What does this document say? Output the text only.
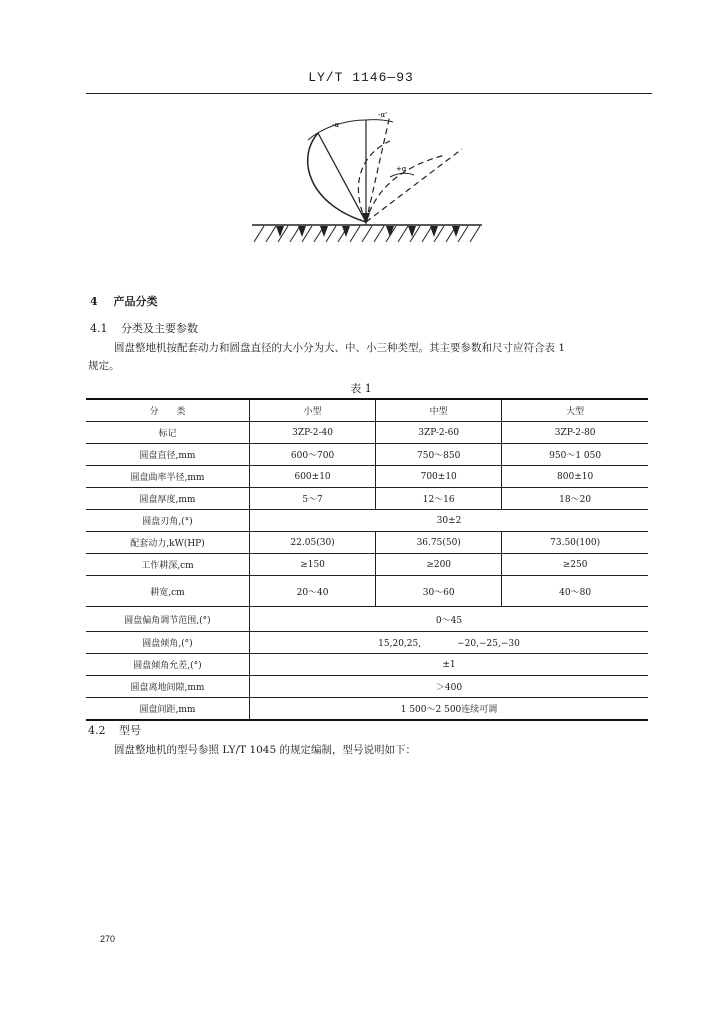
LY/T 1146—93
-α
-α'
+α
4 产品分类
4.1 分类及主要参数
圆盘整地机按配套动力和圆盘直径的大小分为大、中、小三种类型。其主要参数和尺寸应符合表 1
规定。
表 1
分　　类	小型	中型	大型
标记	3ZP-2-40	3ZP-2-60	3ZP-2-80
圆盘直径,mm	600～700	750～850	950～1 050
圆盘曲率半径,mm	600±10	700±10	800±10
圆盘厚度,mm	5～7	12～16	18～20
圆盘刃角,(°)	30±2		
配套动力,kW(HP)	22.05(30)	36.75(50)	73.50(100)
工作耕深,cm	≥150	≥200	≥250
耕宽,cm	20～40	30～60	40～80
圆盘偏角调节范围,(°)	0～45		
圆盘倾角,(°)	15,20,25,　　　　−20,−25,−30		
圆盘倾角允差,(°)	±1		
圆盘离地间隙,mm	＞400		
圆盘间距,mm	1 500～2 500连续可调		
4.2 型号
圆盘整地机的型号参照 LY/T 1045 的规定编制，型号说明如下：
270
